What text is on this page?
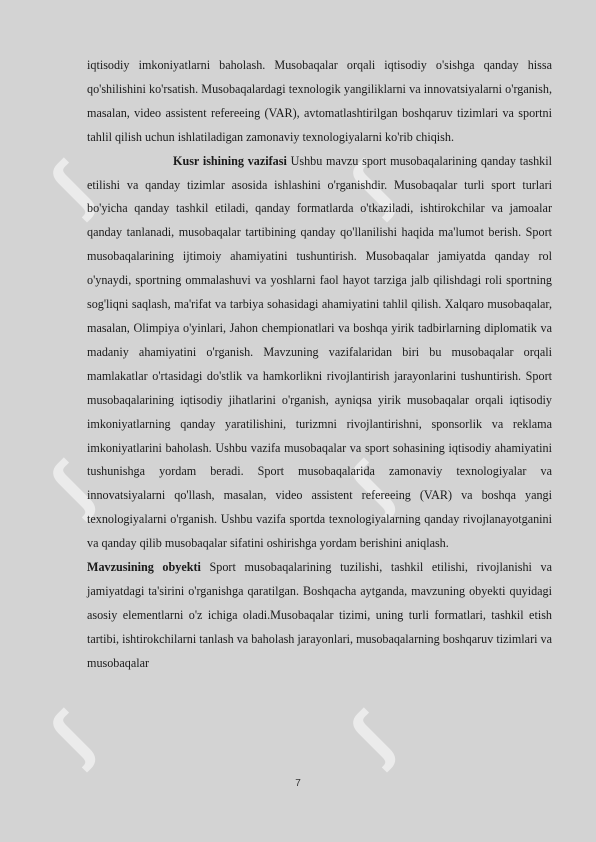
ʃ	ʃ
ʃ	ʃ
ʃ	ʃ

iqtisodiy imkoniyatlarni baholash. Musobaqalar orqali iqtisodiy o'sishga qanday hissa qo'shilishini ko'rsatish. Musobaqalardagi texnologik yangiliklarni va innovatsiyalarni o'rganish, masalan, video assistent refereeing (VAR), avtomatlashtirilgan boshqaruv tizimlari va sportni tahlil qilish uchun ishlatiladigan zamonaviy texnologiyalarni ko'rib chiqish.

Kusr ishining vazifasi Ushbu mavzu sport musobaqalarining qanday tashkil etilishi va qanday tizimlar asosida ishlashini o'rganishdir. Musobaqalar turli sport turlari bo'yicha qanday tashkil etiladi, qanday formatlarda o'tkaziladi, ishtirokchilar va jamoalar qanday tanlanadi, musobaqalar tartibining qanday qo'llanilishi haqida ma'lumot berish. Sport musobaqalarining ijtimoiy ahamiyatini tushuntirish. Musobaqalar jamiyatda qanday rol o'ynaydi, sportning ommalashuvi va yoshlarni faol hayot tarziga jalb qilishdagi roli sportning sog'liqni saqlash, ma'rifat va tarbiya sohasidagi ahamiyatini tahlil qilish. Xalqaro musobaqalar, masalan, Olimpiya o'yinlari, Jahon chempionatlari va boshqa yirik tadbirlarning diplomatik va madaniy ahamiyatini o'rganish. Mavzuning vazifalaridan biri bu musobaqalar orqali mamlakatlar o'rtasidagi do'stlik va hamkorlikni rivojlantirish jarayonlarini tushuntirish. Sport musobaqalarining iqtisodiy jihatlarini o'rganish, ayniqsa yirik musobaqalar orqali iqtisodiy imkoniyatlarning qanday yaratilishini, turizmni rivojlantirishni, sponsorlik va reklama imkoniyatlarini baholash. Ushbu vazifa musobaqalar va sport sohasining iqtisodiy ahamiyatini tushunishga yordam beradi. Sport musobaqalarida zamonaviy texnologiyalar va innovatsiyalarni qo'llash, masalan, video assistent refereeing (VAR) va boshqa yangi texnologiyalarni o'rganish. Ushbu vazifa sportda texnologiyalarning qanday rivojlanayotganini va qanday qilib musobaqalar sifatini oshirishga yordam berishini aniqlash.

Mavzusining obyekti Sport musobaqalarining tuzilishi, tashkil etilishi, rivojlanishi va jamiyatdagi ta'sirini o'rganishga qaratilgan. Boshqacha aytganda, mavzuning obyekti quyidagi asosiy elementlarni o'z ichiga oladi.Musobaqalar tizimi, uning turli formatlari, tashkil etish tartibi, ishtirokchilarni tanlash va baholash jarayonlari, musobaqalarning boshqaruv tizimlari va musobaqalar

7
